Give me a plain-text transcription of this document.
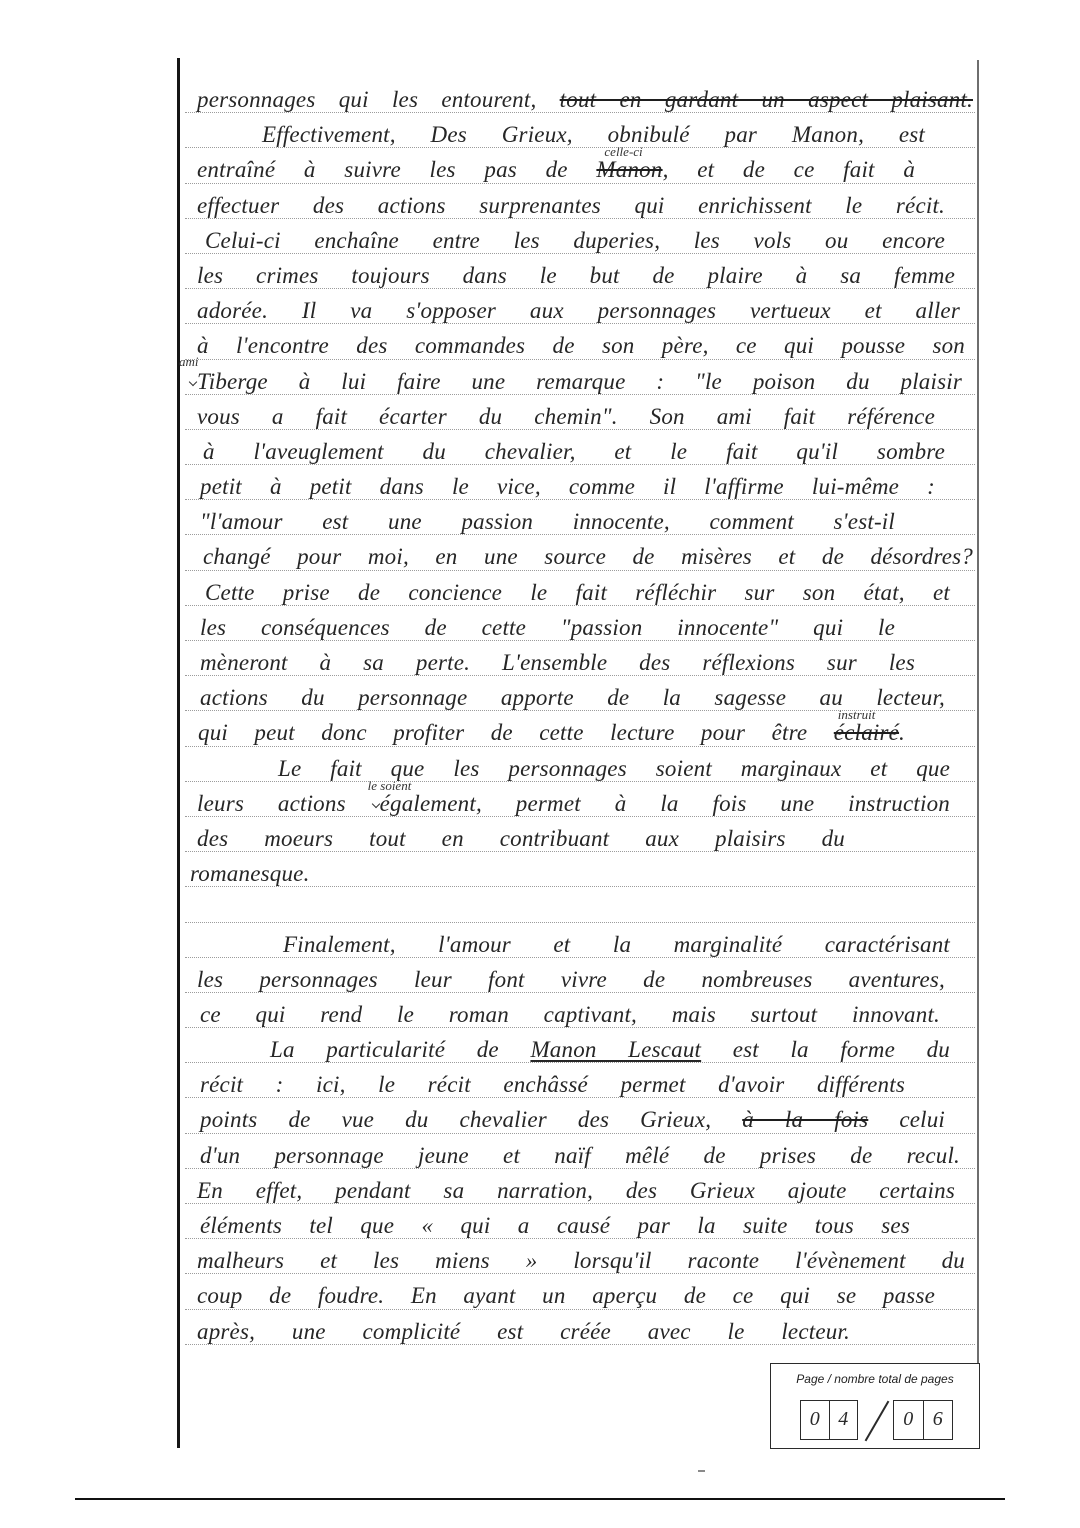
personnages qui les entourent, tout en gardant un aspect plaisant.
Effectivement, Des Grieux, obnibulé par Manon, est
entraîné à suivre les pas de Manon
celle-ci
, et de ce fait à
effectuer des actions surprenantes qui enrichissent le récit.
Celui-ci enchaîne entre les duperies, les vols ou encore
les crimes toujours dans le but de plaire à sa femme
adorée. Il va s'opposer aux personnages vertueux et aller
à l'encontre des commandes de son père, ce qui pousse son
ami
Tiberge à lui faire une remarque : "le poison du plaisir
vous a fait écarter du chemin". Son ami fait référence
à l'aveuglement du chevalier, et le fait qu'il sombre
petit à petit dans le vice, comme il l'affirme lui-même :
"l'amour est une passion innocente, comment s'est-il
changé pour moi, en une source de misères et de désordres?
Cette prise de concience le fait réfléchir sur son état, et
les conséquences de cette "passion innocente" qui le
mèneront à sa perte. L'ensemble des réflexions sur les
actions du personnage apporte de la sagesse au lecteur,
qui peut donc profiter de cette lecture pour être éclairé
instruit
.
Le fait que les personnages soient marginaux et que
leurs actions
le soient
également, permet à la fois une instruction
des moeurs tout en contribuant aux plaisirs du
romanesque.
Finalement, l'amour et la marginalité caractérisant
les personnages leur font vivre de nombreuses aventures,
ce qui rend le roman captivant, mais surtout innovant.
La particularité de Manon Lescaut est la forme du
récit : ici, le récit enchâssé permet d'avoir différents
points de vue du chevalier des Grieux, à la fois celui
d'un personnage jeune et naïf mêlé de prises de recul.
En effet, pendant sa narration, des Grieux ajoute certains
éléments tel que « qui a causé par la suite tous ses
malheurs et les miens » lorsqu'il raconte l'évènement du
coup de foudre. En ayant un aperçu de ce qui se passe
après, une complicité est créée avec le lecteur.
Page / nombre total de pages
0 4	0 6
